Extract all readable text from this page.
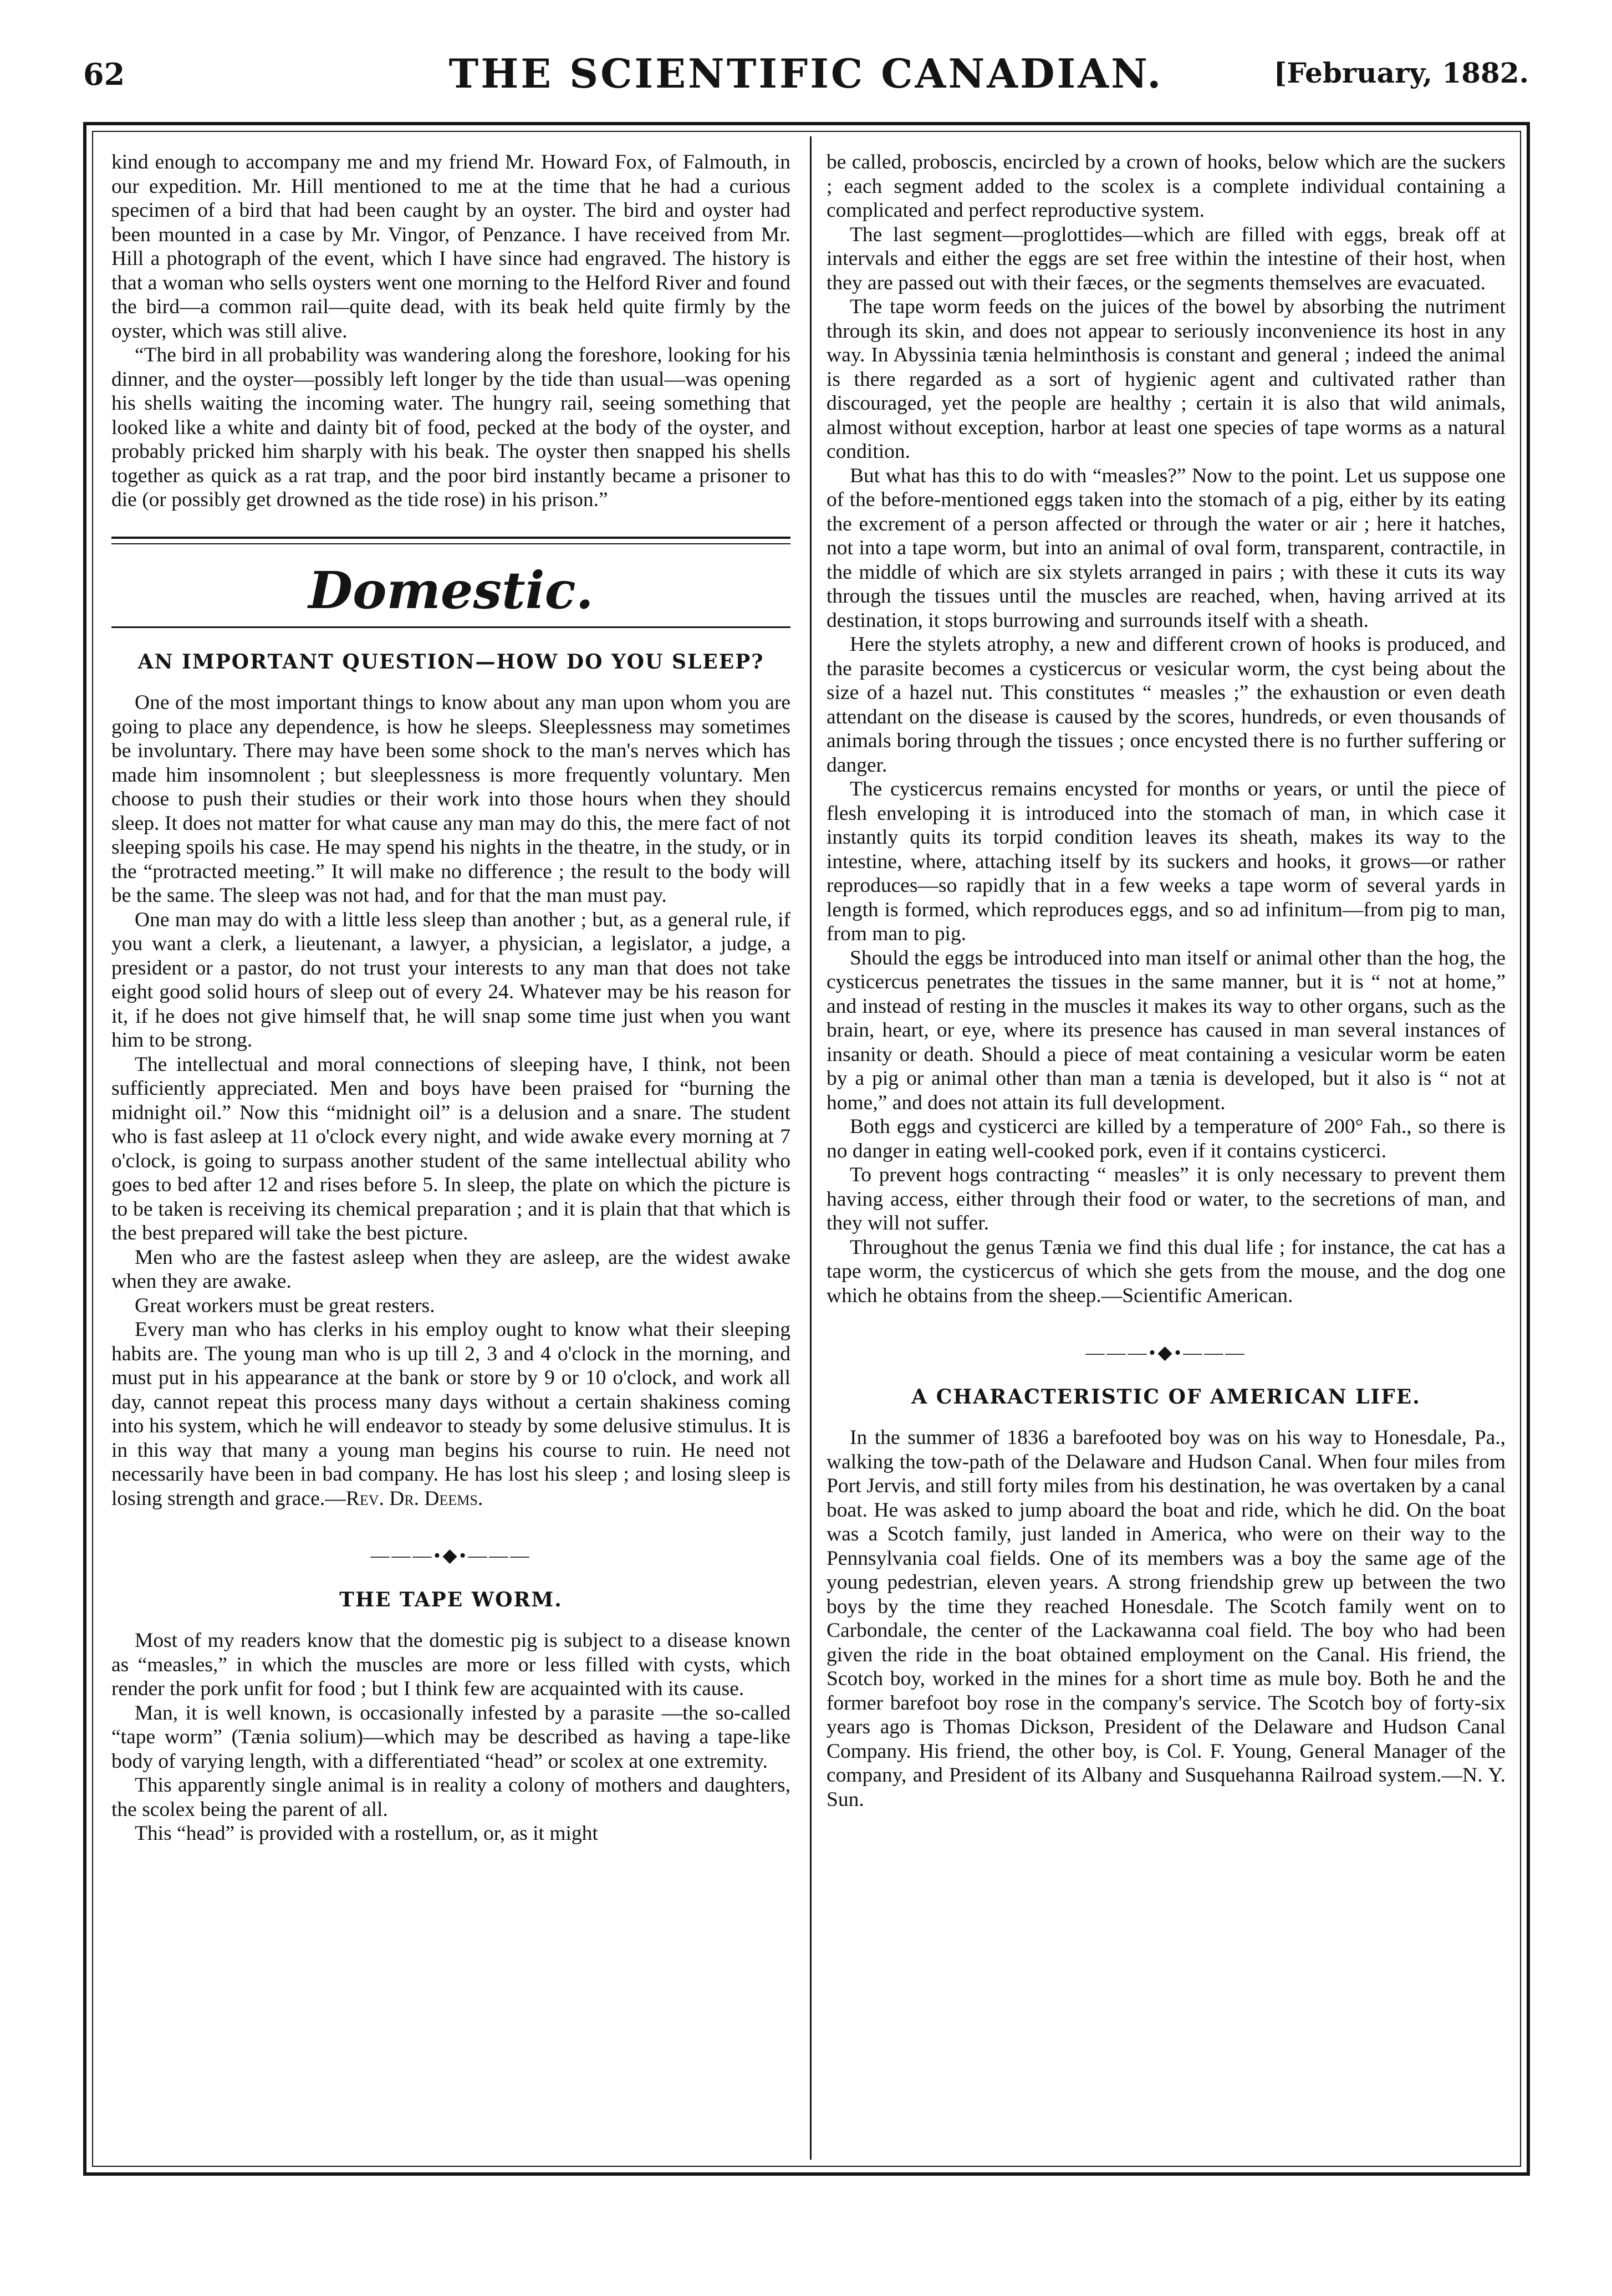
62	THE SCIENTIFIC CANADIAN.	[February, 1882.

kind enough to accompany me and my friend Mr. Howard Fox, of Falmouth, in our expedition. Mr. Hill mentioned to me at the time that he had a curious specimen of a bird that had been caught by an oyster. The bird and oyster had been mounted in a case by Mr. Vingor, of Penzance. I have received from Mr. Hill a photograph of the event, which I have since had engraved. The history is that a woman who sells oysters went one morning to the Helford River and found the bird—a common rail—quite dead, with its beak held quite firmly by the oyster, which was still alive.

“The bird in all probability was wandering along the foreshore, looking for his dinner, and the oyster—possibly left longer by the tide than usual—was opening his shells waiting the incoming water. The hungry rail, seeing something that looked like a white and dainty bit of food, pecked at the body of the oyster, and probably pricked him sharply with his beak. The oyster then snapped his shells together as quick as a rat trap, and the poor bird instantly became a prisoner to die (or possibly get drowned as the tide rose) in his prison.”

Domestic.
AN IMPORTANT QUESTION—HOW DO YOU SLEEP?

One of the most important things to know about any man upon whom you are going to place any dependence, is how he sleeps. Sleeplessness may sometimes be involuntary. There may have been some shock to the man's nerves which has made him insomnolent ; but sleeplessness is more frequently voluntary. Men choose to push their studies or their work into those hours when they should sleep. It does not matter for what cause any man may do this, the mere fact of not sleeping spoils his case. He may spend his nights in the theatre, in the study, or in the “protracted meeting.” It will make no difference ; the result to the body will be the same. The sleep was not had, and for that the man must pay.

One man may do with a little less sleep than another ; but, as a general rule, if you want a clerk, a lieutenant, a lawyer, a physician, a legislator, a judge, a president or a pastor, do not trust your interests to any man that does not take eight good solid hours of sleep out of every 24. Whatever may be his reason for it, if he does not give himself that, he will snap some time just when you want him to be strong.

The intellectual and moral connections of sleeping have, I think, not been sufficiently appreciated. Men and boys have been praised for “burning the midnight oil.” Now this “midnight oil” is a delusion and a snare. The student who is fast asleep at 11 o'clock every night, and wide awake every morning at 7 o'clock, is going to surpass another student of the same intellectual ability who goes to bed after 12 and rises before 5. In sleep, the plate on which the picture is to be taken is receiving its chemical preparation ; and it is plain that that which is the best prepared will take the best picture.

Men who are the fastest asleep when they are asleep, are the widest awake when they are awake.

Great workers must be great resters.

Every man who has clerks in his employ ought to know what their sleeping habits are. The young man who is up till 2, 3 and 4 o'clock in the morning, and must put in his appearance at the bank or store by 9 or 10 o'clock, and work all day, cannot repeat this process many days without a certain shakiness coming into his system, which he will endeavor to steady by some delusive stimulus. It is in this way that many a young man begins his course to ruin. He need not necessarily have been in bad company. He has lost his sleep ; and losing sleep is losing strength and grace.—Rev. Dr. Deems.

———•◆•———
THE TAPE WORM.

Most of my readers know that the domestic pig is subject to a disease known as “measles,” in which the muscles are more or less filled with cysts, which render the pork unfit for food ; but I think few are acquainted with its cause.

Man, it is well known, is occasionally infested by a parasite —the so-called “tape worm” (Tænia solium)—which may be described as having a tape-like body of varying length, with a differentiated “head” or scolex at one extremity.

This apparently single animal is in reality a colony of mothers and daughters, the scolex being the parent of all.

This “head” is provided with a rostellum, or, as it might

be called, proboscis, encircled by a crown of hooks, below which are the suckers ; each segment added to the scolex is a complete individual containing a complicated and perfect reproductive system.

The last segment—proglottides—which are filled with eggs, break off at intervals and either the eggs are set free within the intestine of their host, when they are passed out with their fæces, or the segments themselves are evacuated.

The tape worm feeds on the juices of the bowel by absorbing the nutriment through its skin, and does not appear to seriously inconvenience its host in any way. In Abyssinia tænia helminthosis is constant and general ; indeed the animal is there regarded as a sort of hygienic agent and cultivated rather than discouraged, yet the people are healthy ; certain it is also that wild animals, almost without exception, harbor at least one species of tape worms as a natural condition.

But what has this to do with “measles?” Now to the point. Let us suppose one of the before-mentioned eggs taken into the stomach of a pig, either by its eating the excrement of a person affected or through the water or air ; here it hatches, not into a tape worm, but into an animal of oval form, transparent, contractile, in the middle of which are six stylets arranged in pairs ; with these it cuts its way through the tissues until the muscles are reached, when, having arrived at its destination, it stops burrowing and surrounds itself with a sheath.

Here the stylets atrophy, a new and different crown of hooks is produced, and the parasite becomes a cysticercus or vesicular worm, the cyst being about the size of a hazel nut. This constitutes “ measles ;” the exhaustion or even death attendant on the disease is caused by the scores, hundreds, or even thousands of animals boring through the tissues ; once encysted there is no further suffering or danger.

The cysticercus remains encysted for months or years, or until the piece of flesh enveloping it is introduced into the stomach of man, in which case it instantly quits its torpid condition leaves its sheath, makes its way to the intestine, where, attaching itself by its suckers and hooks, it grows—or rather reproduces—so rapidly that in a few weeks a tape worm of several yards in length is formed, which reproduces eggs, and so ad infinitum—from pig to man, from man to pig.

Should the eggs be introduced into man itself or animal other than the hog, the cysticercus penetrates the tissues in the same manner, but it is “ not at home,” and instead of resting in the muscles it makes its way to other organs, such as the brain, heart, or eye, where its presence has caused in man several instances of insanity or death. Should a piece of meat containing a vesicular worm be eaten by a pig or animal other than man a tænia is developed, but it also is “ not at home,” and does not attain its full development.

Both eggs and cysticerci are killed by a temperature of 200° Fah., so there is no danger in eating well-cooked pork, even if it contains cysticerci.

To prevent hogs contracting “ measles” it is only necessary to prevent them having access, either through their food or water, to the secretions of man, and they will not suffer.

Throughout the genus Tænia we find this dual life ; for instance, the cat has a tape worm, the cysticercus of which she gets from the mouse, and the dog one which he obtains from the sheep.—Scientific American.

———•◆•———
A CHARACTERISTIC OF AMERICAN LIFE.

In the summer of 1836 a barefooted boy was on his way to Honesdale, Pa., walking the tow-path of the Delaware and Hudson Canal. When four miles from Port Jervis, and still forty miles from his destination, he was overtaken by a canal boat. He was asked to jump aboard the boat and ride, which he did. On the boat was a Scotch family, just landed in America, who were on their way to the Pennsylvania coal fields. One of its members was a boy the same age of the young pedestrian, eleven years. A strong friendship grew up between the two boys by the time they reached Honesdale. The Scotch family went on to Carbondale, the center of the Lackawanna coal field. The boy who had been given the ride in the boat obtained employment on the Canal. His friend, the Scotch boy, worked in the mines for a short time as mule boy. Both he and the former barefoot boy rose in the company's service. The Scotch boy of forty-six years ago is Thomas Dickson, President of the Delaware and Hudson Canal Company. His friend, the other boy, is Col. F. Young, General Manager of the company, and President of its Albany and Susquehanna Railroad system.—N. Y. Sun.
